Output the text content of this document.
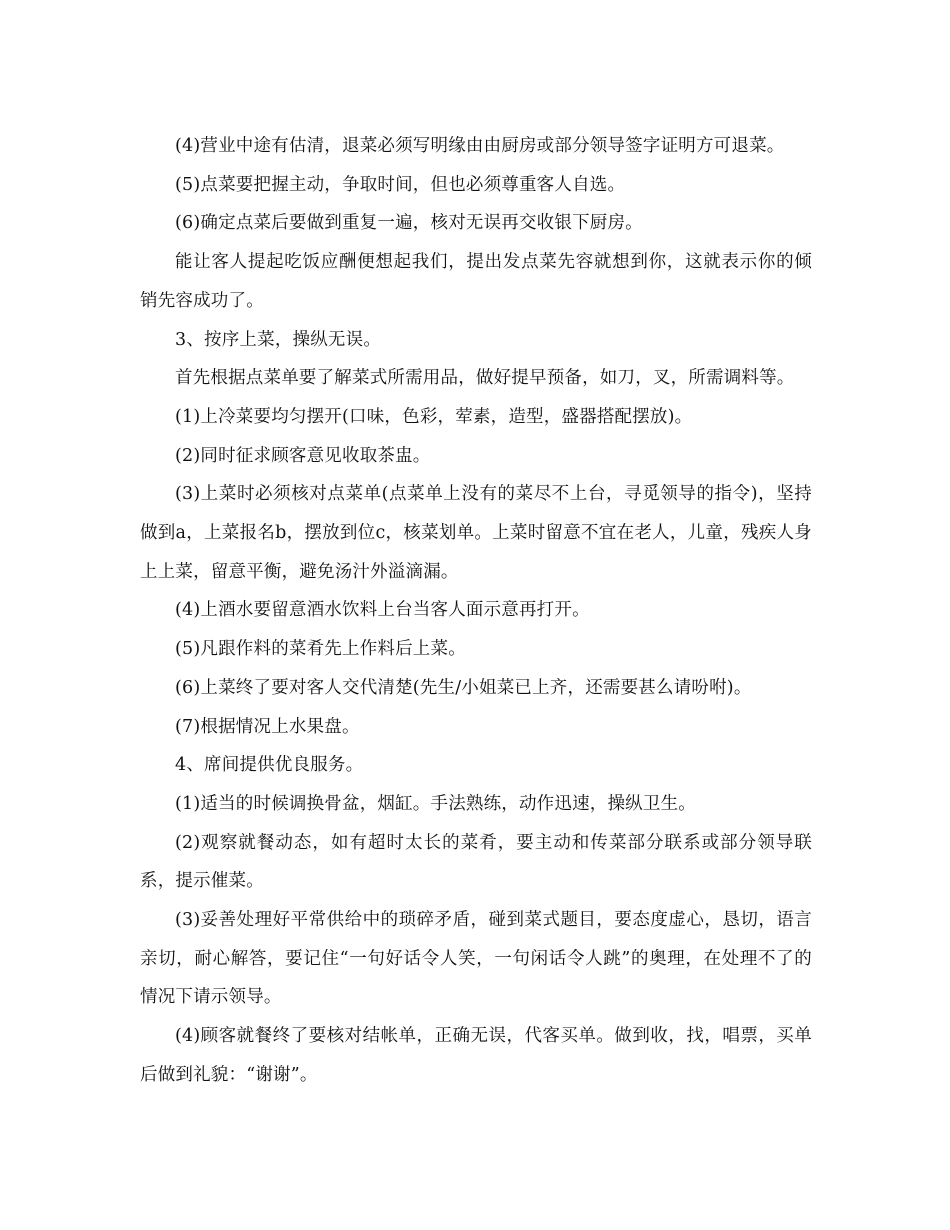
(4)营业中途有估清，退菜必须写明缘由由厨房或部分领导签字证明方可退菜。

(5)点菜要把握主动，争取时间，但也必须尊重客人自选。

(6)确定点菜后要做到重复一遍，核对无误再交收银下厨房。

能让客人提起吃饭应酬便想起我们，提出发点菜先容就想到你，这就表示你的倾销先容成功了。

3、按序上菜，操纵无误。

首先根据点菜单要了解菜式所需用品，做好提早预备，如刀，叉，所需调料等。

(1)上冷菜要均匀摆开(口味，色彩，荤素，造型，盛器搭配摆放)。

(2)同时征求顾客意见收取茶盅。

(3)上菜时必须核对点菜单(点菜单上没有的菜尽不上台，寻觅领导的指令)，坚持做到a，上菜报名b，摆放到位c，核菜划单。上菜时留意不宜在老人，儿童，残疾人身上上菜，留意平衡，避免汤汁外溢滴漏。

(4)上酒水要留意酒水饮料上台当客人面示意再打开。

(5)凡跟作料的菜肴先上作料后上菜。

(6)上菜终了要对客人交代清楚(先生/小姐菜已上齐，还需要甚么请吩咐)。

(7)根据情况上水果盘。

4、席间提供优良服务。

(1)适当的时候调换骨盆，烟缸。手法熟练，动作迅速，操纵卫生。

(2)观察就餐动态，如有超时太长的菜肴，要主动和传菜部分联系或部分领导联系，提示催菜。

(3)妥善处理好平常供给中的琐碎矛盾，碰到菜式题目，要态度虚心，恳切，语言亲切，耐心解答，要记住“一句好话令人笑，一句闲话令人跳”的奥理，在处理不了的情况下请示领导。

(4)顾客就餐终了要核对结帐单，正确无误，代客买单。做到收，找，唱票，买单后做到礼貌：“谢谢”。
